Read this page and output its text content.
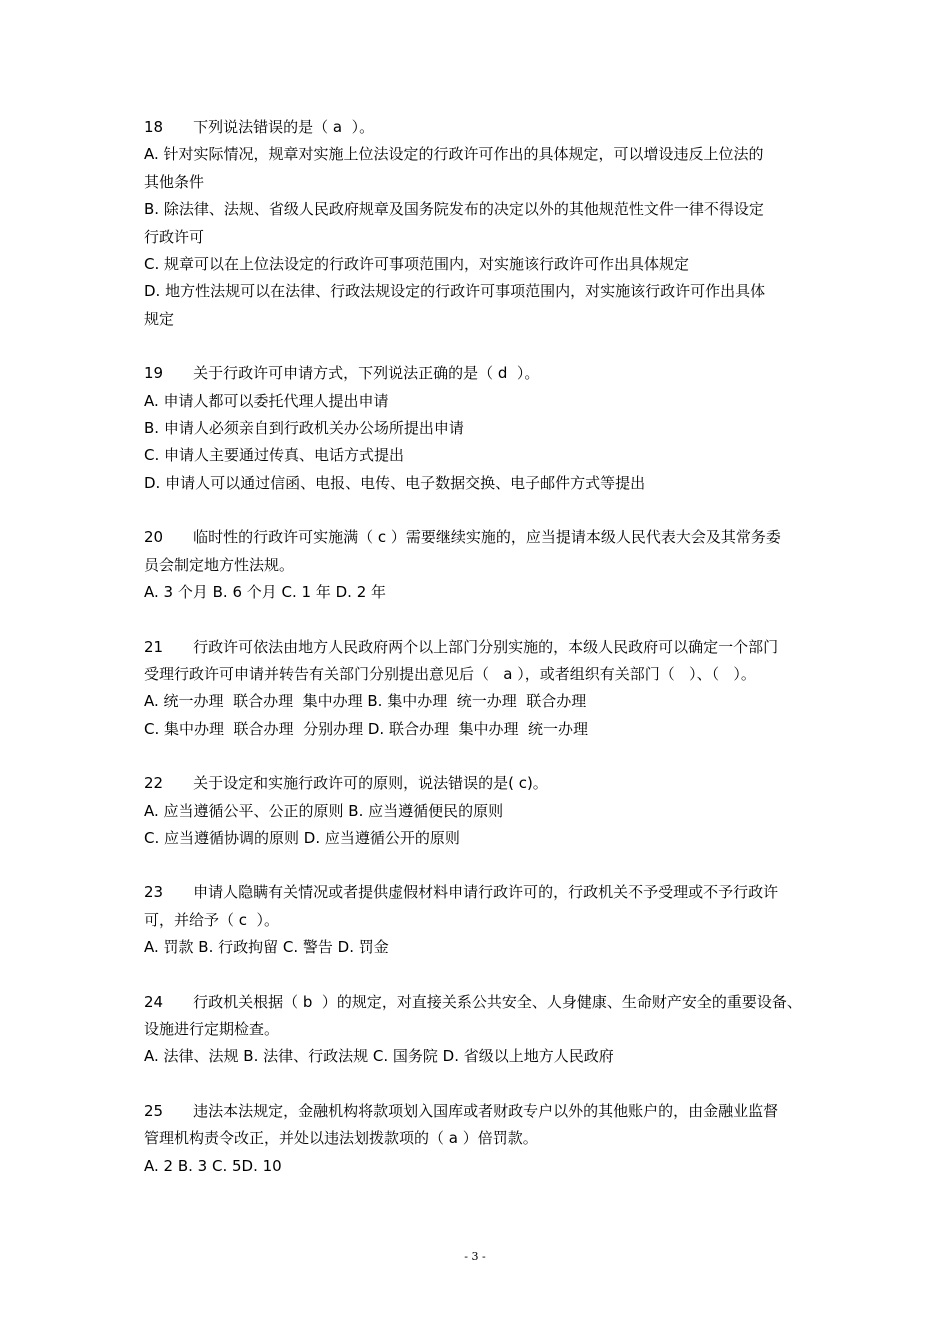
18　　下列说法错误的是（ a  ）。

A. 针对实际情况，规章对实施上位法设定的行政许可作出的具体规定，可以增设违反上位法的

其他条件

B. 除法律、法规、省级人民政府规章及国务院发布的决定以外的其他规范性文件一律不得设定

行政许可

C. 规章可以在上位法设定的行政许可事项范围内，对实施该行政许可作出具体规定

D. 地方性法规可以在法律、行政法规设定的行政许可事项范围内，对实施该行政许可作出具体

规定

19　　关于行政许可申请方式，下列说法正确的是（ d  ）。

A. 申请人都可以委托代理人提出申请

B. 申请人必须亲自到行政机关办公场所提出申请

C. 申请人主要通过传真、电话方式提出

D. 申请人可以通过信函、电报、电传、电子数据交换、电子邮件方式等提出

20　　临时性的行政许可实施满（ c ）需要继续实施的，应当提请本级人民代表大会及其常务委

员会制定地方性法规。

A. 3 个月 B. 6 个月 C. 1 年 D. 2 年

21　　行政许可依法由地方人民政府两个以上部门分别实施的，本级人民政府可以确定一个部门

受理行政许可申请并转告有关部门分别提出意见后（   a ），或者组织有关部门（   ）、（   ）。

A. 统一办理  联合办理  集中办理 B. 集中办理  统一办理  联合办理

C. 集中办理  联合办理  分别办理 D. 联合办理  集中办理  统一办理

22　　关于设定和实施行政许可的原则，说法错误的是( c)。

A. 应当遵循公平、公正的原则 B. 应当遵循便民的原则

C. 应当遵循协调的原则 D. 应当遵循公开的原则

23　　申请人隐瞒有关情况或者提供虚假材料申请行政许可的，行政机关不予受理或不予行政许

可，并给予（ c  ）。

A. 罚款 B. 行政拘留 C. 警告 D. 罚金

24　　行政机关根据（ b  ）的规定，对直接关系公共安全、人身健康、生命财产安全的重要设备、

设施进行定期检查。

A. 法律、法规 B. 法律、行政法规 C. 国务院 D. 省级以上地方人民政府

25　　违法本法规定，金融机构将款项划入国库或者财政专户以外的其他账户的，由金融业监督

管理机构责令改正，并处以违法划拨款项的（ a ）倍罚款。

A. 2 B. 3 C. 5D. 10

- 3 -
